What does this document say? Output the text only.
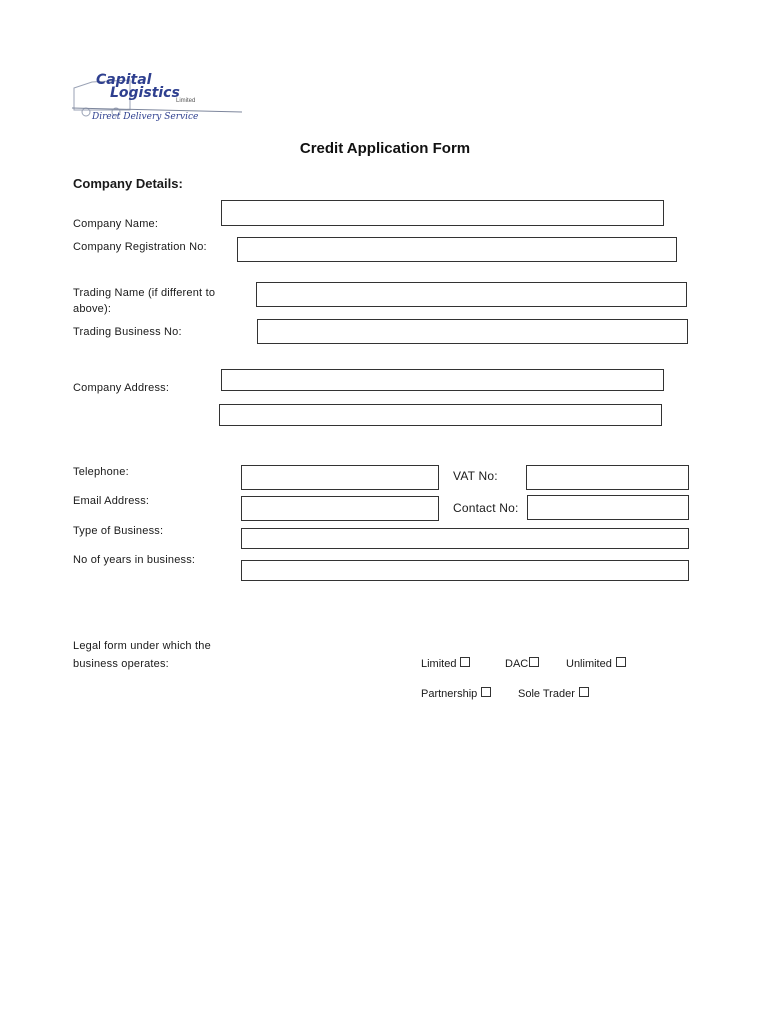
Capital
Logistics
Limited
Direct Delivery Service
Credit Application Form
Company Details:
Company Name:
Company Registration No:
Trading Name (if different to
above):
Trading Business No:
Company Address:
Telephone:	VAT No:
Email Address:	Contact No:
Type of Business:
No of years in business:
Legal form under which the
business operates:	Limited	DAC	Unlimited
Partnership	Sole Trader
